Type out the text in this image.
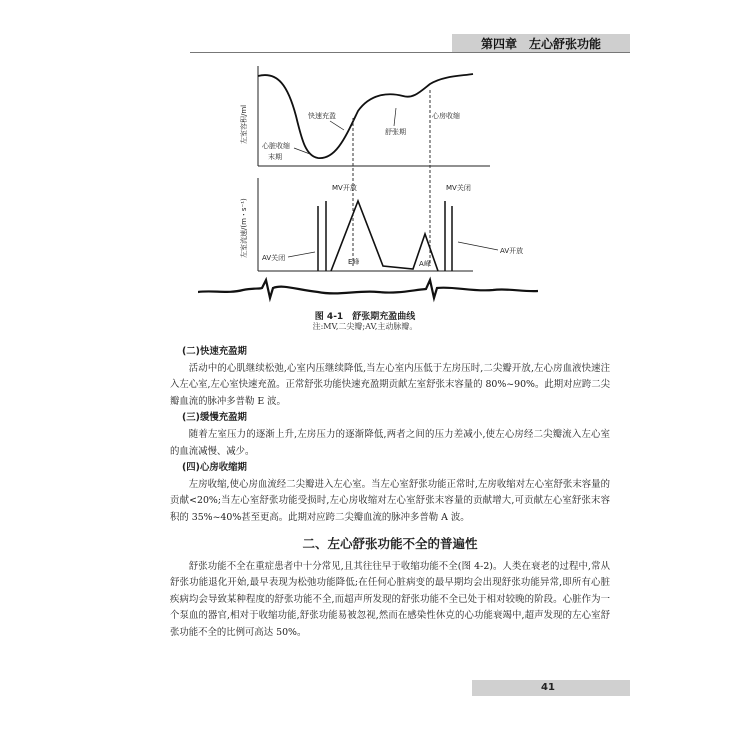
第四章　左心舒张功能
左室容积/ml	快速充盈
舒张期
心房收缩
心脏收缩
末期
左室流速/(m・s⁻¹)
MV开放	MV关闭
AV关闭
AV开放
E峰	A峰
图 4-1　舒张期充盈曲线
注:MV,二尖瓣;AV,主动脉瓣。
(二)快速充盈期

活动中的心肌继续松弛,心室内压继续降低,当左心室内压低于左房压时,二尖瓣开放,左心房血液快速注入左心室,左心室快速充盈。正常舒张功能快速充盈期贡献左室舒张末容量的 80%~90%。此期对应跨二尖瓣血流的脉冲多普勒 E 波。

(三)缓慢充盈期

随着左室压力的逐渐上升,左房压力的逐渐降低,两者之间的压力差减小,使左心房经二尖瓣流入左心室的血流减慢、减少。

(四)心房收缩期

左房收缩,使心房血流经二尖瓣进入左心室。当左心室舒张功能正常时,左房收缩对左心室舒张末容量的贡献<20%;当左心室舒张功能受损时,左心房收缩对左心室舒张末容量的贡献增大,可贡献左心室舒张末容积的 35%~40%甚至更高。此期对应跨二尖瓣血流的脉冲多普勒 A 波。

二、左心舒张功能不全的普遍性

舒张功能不全在重症患者中十分常见,且其往往早于收缩功能不全(图 4-2)。人类在衰老的过程中,常从舒张功能退化开始,最早表现为松弛功能降低;在任何心脏病变的最早期均会出现舒张功能异常,即所有心脏疾病均会导致某种程度的舒张功能不全,而超声所发现的舒张功能不全已处于相对较晚的阶段。心脏作为一个泵血的器官,相对于收缩功能,舒张功能易被忽视,然而在感染性休克的心功能衰竭中,超声发现的左心室舒张功能不全的比例可高达 50%。

41
